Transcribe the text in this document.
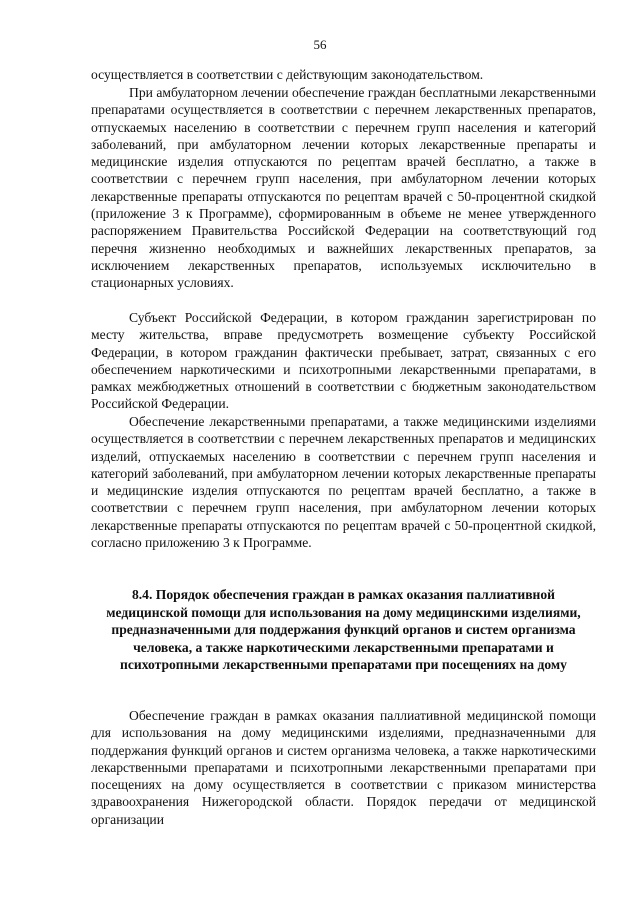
56

осуществляется в соответствии с действующим законодательством.

При амбулаторном лечении обеспечение граждан бесплатными лекарственными препаратами осуществляется в соответствии с перечнем лекарственных препаратов, отпускаемых населению в соответствии с перечнем групп населения и категорий заболеваний, при амбулаторном лечении которых лекарственные препараты и медицинские изделия отпускаются по рецептам врачей бесплатно, а также в соответствии с перечнем групп населения, при амбулаторном лечении которых лекарственные препараты отпускаются по рецептам врачей с 50-процентной скидкой (приложение 3 к Программе), сформированным в объеме не менее утвержденного распоряжением Правительства Российской Федерации на соответствующий год перечня жизненно необходимых и важнейших лекарственных препаратов, за исключением лекарственных препаратов, используемых исключительно в стационарных условиях.

Субъект Российской Федерации, в котором гражданин зарегистрирован по месту жительства, вправе предусмотреть возмещение субъекту Российской Федерации, в котором гражданин фактически пребывает, затрат, связанных с его обеспечением наркотическими и психотропными лекарственными препаратами, в рамках межбюджетных отношений в соответствии с бюджетным законодательством Российской Федерации.

Обеспечение лекарственными препаратами, а также медицинскими изделиями осуществляется в соответствии с перечнем лекарственных препаратов и медицинских изделий, отпускаемых населению в соответствии с перечнем групп населения и категорий заболеваний, при амбулаторном лечении которых лекарственные препараты и медицинские изделия отпускаются по рецептам врачей бесплатно, а также в соответствии с перечнем групп населения, при амбулаторном лечении которых лекарственные препараты отпускаются по рецептам врачей с 50-процентной скидкой, согласно приложению 3 к Программе.

8.4. Порядок обеспечения граждан в рамках оказания паллиативной медицинской помощи для использования на дому медицинскими изделиями, предназначенными для поддержания функций органов и систем организма человека, а также наркотическими лекарственными препаратами и психотропными лекарственными препаратами при посещениях на дому

Обеспечение граждан в рамках оказания паллиативной медицинской помощи для использования на дому медицинскими изделиями, предназначенными для поддержания функций органов и систем организма человека, а также наркотическими лекарственными препаратами и психотропными лекарственными препаратами при посещениях на дому осуществляется в соответствии с приказом министерства здравоохранения Нижегородской области. Порядок передачи от медицинской организации
